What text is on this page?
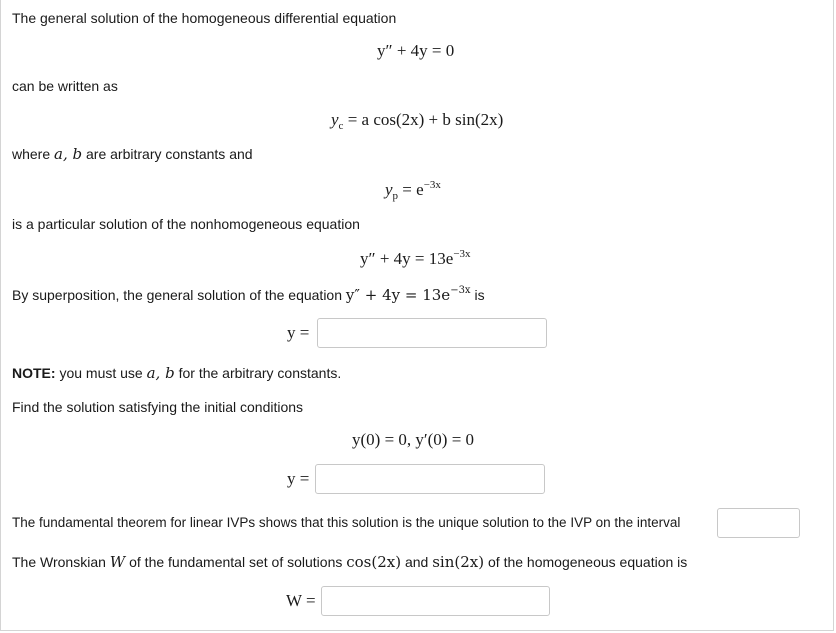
The general solution of the homogeneous differential equation
y″ + 4y = 0
can be written as
$y_c = a$ cos(2x) + b sin(2x)
where a, b are arbitrary constants and
$y_p = e^{-3x}$
is a particular solution of the nonhomogeneous equation
$y'' + 4y = 13e^{-3x}$
By superposition, the general solution of the equation $y'' + 4y = 13e^{-3x}$ is
y =
NOTE: you must use a, b for the arbitrary constants.
Find the solution satisfying the initial conditions
y(0) = 0, y′(0) = 0
y =
The fundamental theorem for linear IVPs shows that this solution is the unique solution to the IVP on the interval
The Wronskian W of the fundamental set of solutions cos(2x) and sin(2x) of the homogeneous equation is
W =
